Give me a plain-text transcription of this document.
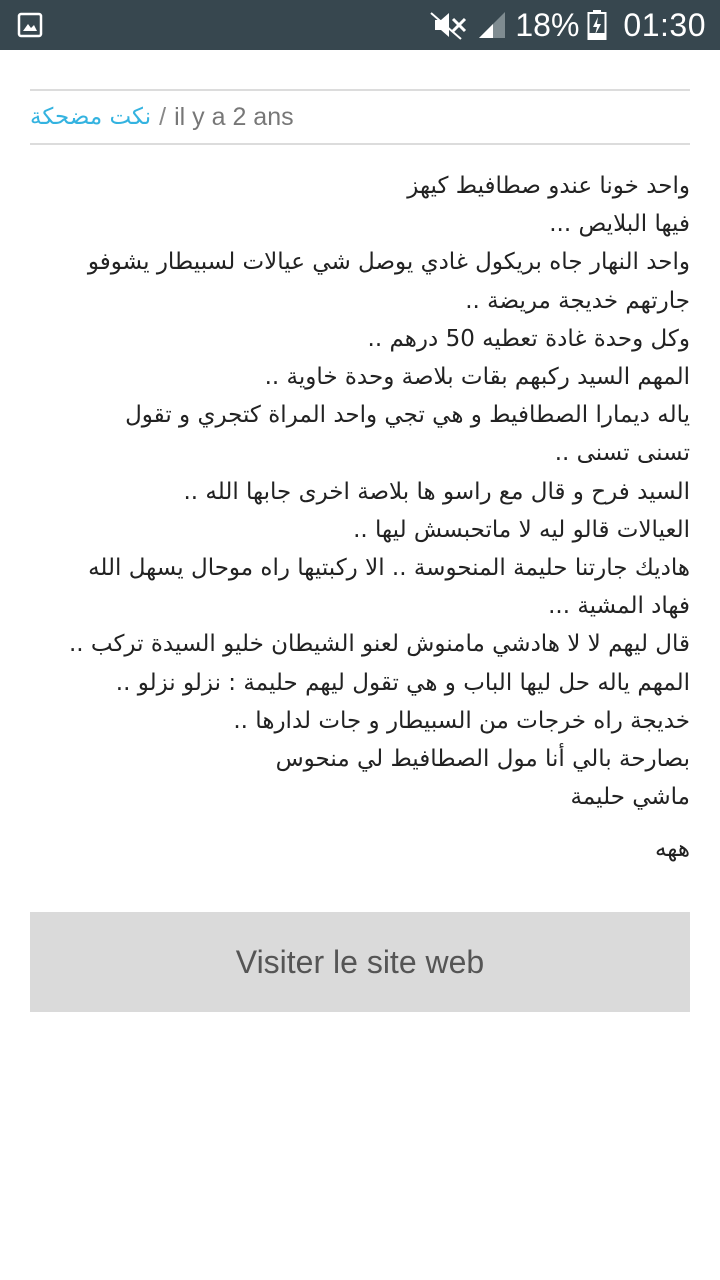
18% 01:30
نكت مضحكة / il y a 2 ans
واحد خونا عندو صطافيط كيهز
فيها البلايص ...
واحد النهار جاه بريكول غادي يوصل شي عيالات لسبيطار يشوفو
جارتهم خديجة مريضة ..
وكل وحدة غادة تعطيه 50 درهم ..
المهم السيد ركبهم بقات بلاصة وحدة خاوية ..
ياله ديمارا الصطافيط و هي تجي واحد المراة كتجري و تقول
تسنى تسنى ..
السيد فرح و قال مع راسو ها بلاصة اخرى جابها الله ..
العيالات قالو ليه لا ماتحبسش ليها ..
هاديك جارتنا حليمة المنحوسة .. الا ركبتيها راه موحال يسهل الله
فهاد المشية ...
قال ليهم لا لا هادشي مامنوش لعنو الشيطان خليو السيدة تركب ..
المهم ياله حل ليها الباب و هي تقول ليهم حليمة : نزلو نزلو ..
خديجة راه خرجات من السبيطار و جات لدارها ..
بصارحة بالي أنا مول الصطافيط لي منحوس
ماشي حليمة
ههه
Visiter le site web
